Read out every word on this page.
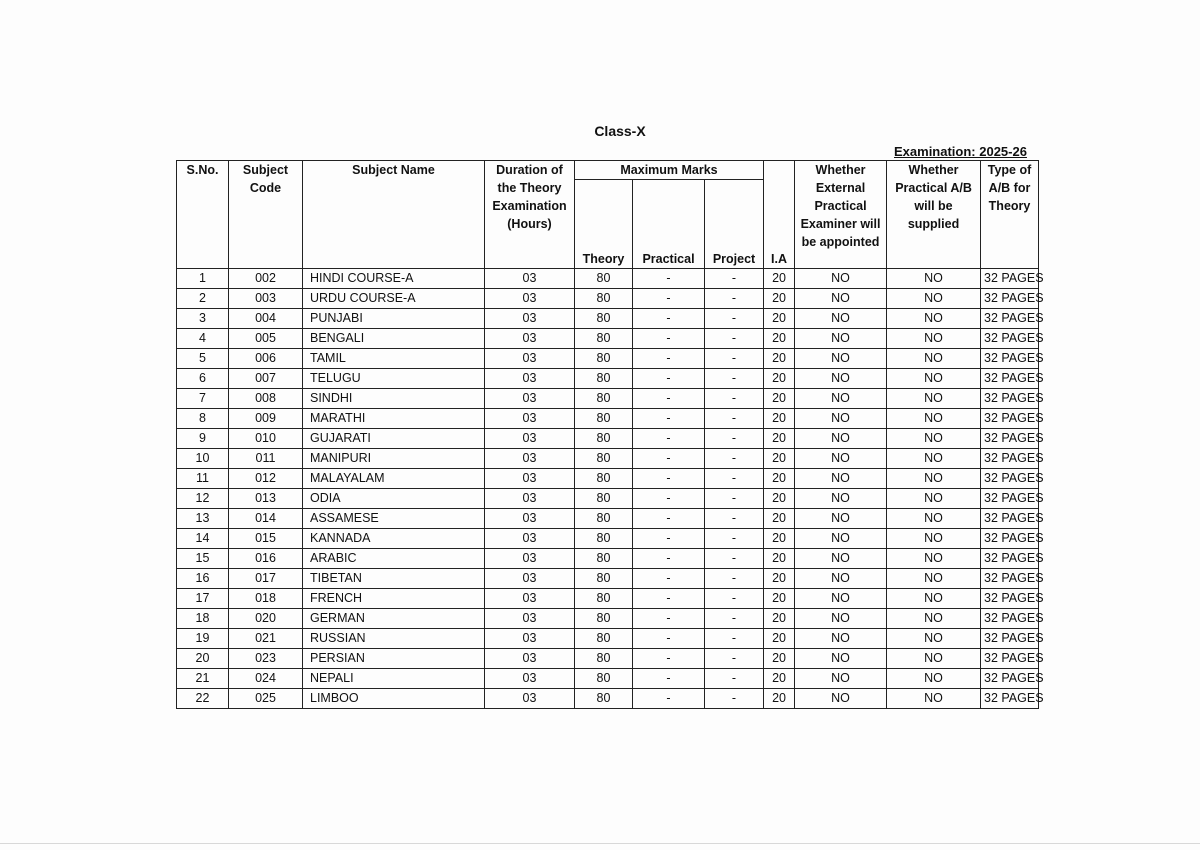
Class-X
Examination: 2025-26
S.No.	Subject Code	Subject Name	Duration of the Theory Examination (Hours)	Maximum Marks			I.A	Whether External Practical Examiner will be appointed	Whether Practical A/B will be supplied	Type of A/B for Theory
				Theory	Practical	Project				
1	002	HINDI COURSE-A	03	80	-	-	20	NO	NO	32 PAGES
2	003	URDU COURSE-A	03	80	-	-	20	NO	NO	32 PAGES
3	004	PUNJABI	03	80	-	-	20	NO	NO	32 PAGES
4	005	BENGALI	03	80	-	-	20	NO	NO	32 PAGES
5	006	TAMIL	03	80	-	-	20	NO	NO	32 PAGES
6	007	TELUGU	03	80	-	-	20	NO	NO	32 PAGES
7	008	SINDHI	03	80	-	-	20	NO	NO	32 PAGES
8	009	MARATHI	03	80	-	-	20	NO	NO	32 PAGES
9	010	GUJARATI	03	80	-	-	20	NO	NO	32 PAGES
10	011	MANIPURI	03	80	-	-	20	NO	NO	32 PAGES
11	012	MALAYALAM	03	80	-	-	20	NO	NO	32 PAGES
12	013	ODIA	03	80	-	-	20	NO	NO	32 PAGES
13	014	ASSAMESE	03	80	-	-	20	NO	NO	32 PAGES
14	015	KANNADA	03	80	-	-	20	NO	NO	32 PAGES
15	016	ARABIC	03	80	-	-	20	NO	NO	32 PAGES
16	017	TIBETAN	03	80	-	-	20	NO	NO	32 PAGES
17	018	FRENCH	03	80	-	-	20	NO	NO	32 PAGES
18	020	GERMAN	03	80	-	-	20	NO	NO	32 PAGES
19	021	RUSSIAN	03	80	-	-	20	NO	NO	32 PAGES
20	023	PERSIAN	03	80	-	-	20	NO	NO	32 PAGES
21	024	NEPALI	03	80	-	-	20	NO	NO	32 PAGES
22	025	LIMBOO	03	80	-	-	20	NO	NO	32 PAGES
